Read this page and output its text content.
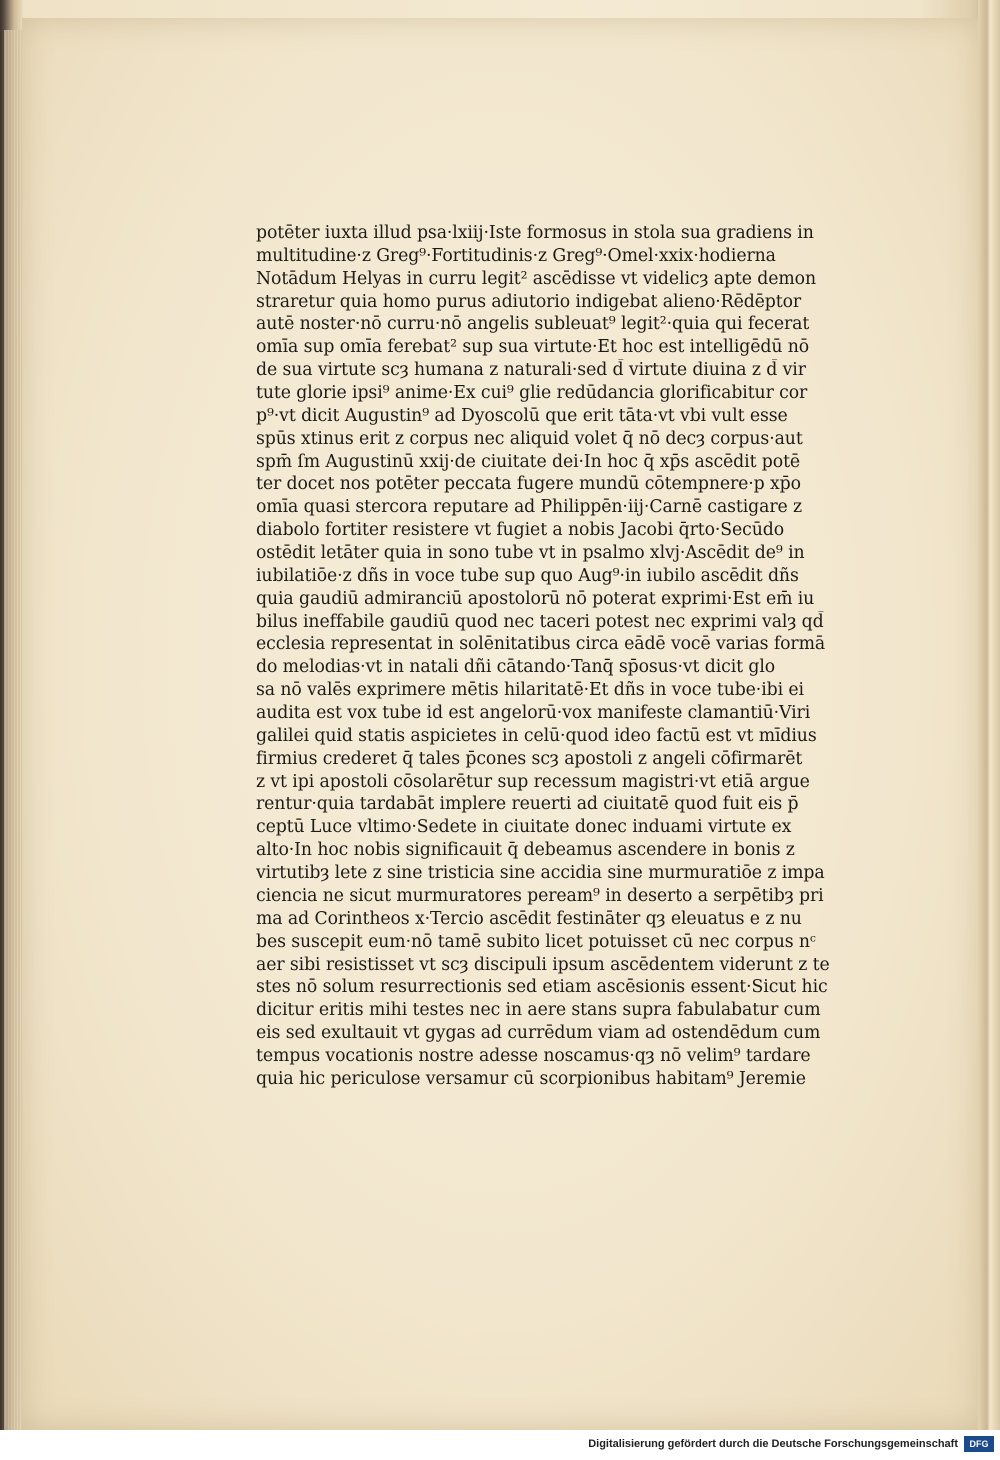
potēter iuxta illud psa·lxiij·Iste formosus in stola sua gradiens in
multitudine·z Greg⁹·Fortitudinis·z Greg⁹·Omel·xxix·hodierna
Notādum Helyas in curru legit² ascēdisse vt videlicȝ apte demon
straretur quia homo purus adiutorio indigebat alieno·Rēdēptor
autē noster·nō curru·nō angelis subleuat⁹ legit²·quia qui fecerat
omīa sup omīa ferebat² sup sua virtute·Et hoc est intelligēdū nō
de sua virtute scȝ humana z naturali·sed d̄ virtute diuina z d̄ vir
tute glorie ipsi⁹ anime·Ex cui⁹ glie redūdancia glorificabitur cor
p⁹·vt dicit Augustin⁹ ad Dyoscolū que erit tāta·vt vbi vult esse
spūs xtinus erit z corpus nec aliquid volet q̄ nō decȝ corpus·aut
spm̄ ſm Augustinū xxij·de ciuitate dei·In hoc q̄ xp̄s ascēdit potē
ter docet nos potēter peccata fugere mundū cōtempnere·p xp̄o
omīa quasi stercora reputare ad Philippēn·iij·Carnē castigare z
diabolo fortiter resistere vt fugiet a nobis Jacobi q̄rto·Secūdo
ostēdit letāter quia in sono tube vt in psalmo xlvj·Ascēdit de⁹ in
iubilatiōe·z dñs in voce tube sup quo Aug⁹·in iubilo ascēdit dñs
quia gaudiū admiranciū apostolorū nō poterat exprimi·Est em̄ iu
bilus ineffabile gaudiū quod nec taceri potest nec exprimi valȝ qd̄
ecclesia representat in solēnitatibus circa eādē vocē varias formā
do melodias·vt in natali dñi cātando·Tanq̄ sp̄osus·vt dicit glo
sa nō valēs exprimere mētis hilaritatē·Et dñs in voce tube·ibi ei
audita est vox tube id est angelorū·vox manifeste clamantiū·Viri
galilei quid statis aspicietes in celū·quod ideo factū est vt mīdius
firmius crederet q̄ tales p̄cones scȝ apostoli z angeli cōfirmarēt
z vt ipi apostoli cōsolarētur sup recessum magistri·vt etiā argue
rentur·quia tardabāt implere reuerti ad ciuitatē quod fuit eis p̄
ceptū Luce vltimo·Sedete in ciuitate donec induami virtute ex
alto·In hoc nobis significauit q̄ debeamus ascendere in bonis z
virtutibȝ lete z sine tristicia sine accidia sine murmuratiōe z impa
ciencia ne sicut murmuratores peream⁹ in deserto a serpētibȝ pri
ma ad Corintheos x·Tercio ascēdit festināter qȝ eleuatus e z nu
bes suscepit eum·nō tamē subito licet potuisset cū nec corpus nᶜ
aer sibi resistisset vt scȝ discipuli ipsum ascēdentem viderunt z te
stes nō solum resurrectionis sed etiam ascēsionis essent·Sicut hic
dicitur eritis mihi testes nec in aere stans supra fabulabatur cum
eis sed exultauit vt gygas ad currēdum viam ad ostendēdum cum
tempus vocationis nostre adesse noscamus·qȝ nō velim⁹ tardare
quia hic periculose versamur cū scorpionibus habitam⁹ Jeremie
Digitalisierung gefördert durch die Deutsche Forschungsgemeinschaft	DFG
